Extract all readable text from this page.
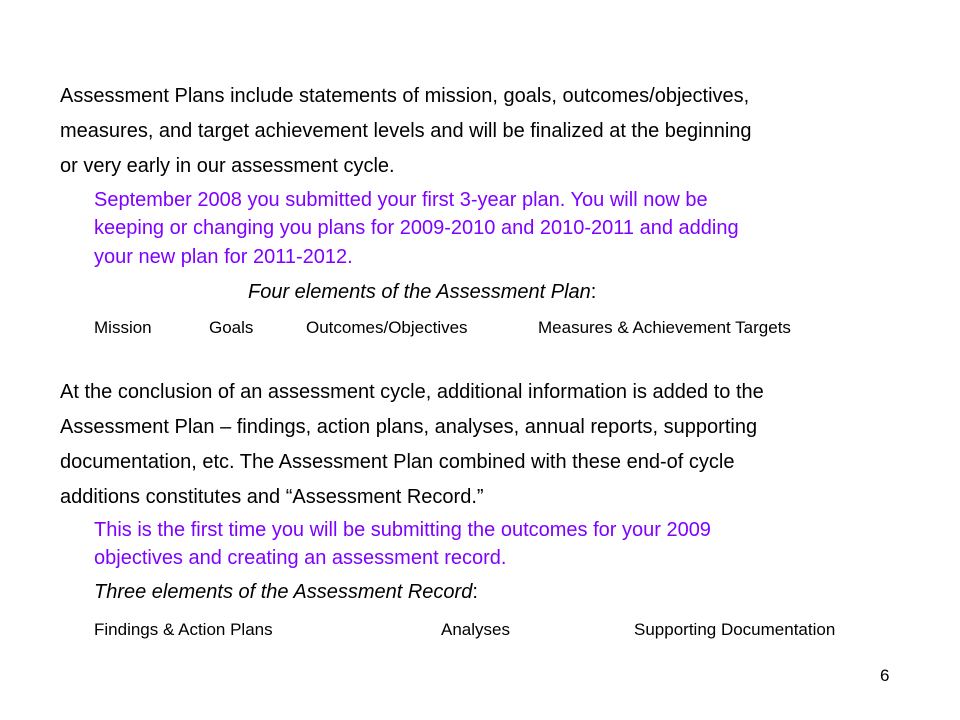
Assessment Plans include statements of mission, goals, outcomes/objectives,
measures, and target achievement levels and will be finalized at the beginning
or very early in our assessment cycle.
September 2008 you submitted your first 3-year plan. You will now be
keeping or changing you plans for 2009-2010 and 2010-2011 and adding
your new plan for 2011-2012.
Four elements of the Assessment Plan:
Mission	Goals	Outcomes/Objectives	Measures & Achievement Targets
At the conclusion of an assessment cycle, additional information is added to the
Assessment Plan – findings, action plans, analyses, annual reports, supporting
documentation, etc. The Assessment Plan combined with these end-of cycle
additions constitutes and “Assessment Record.”
This is the first time you will be submitting the outcomes for your 2009
objectives and creating an assessment record.
Three elements of the Assessment Record:
Findings & Action Plans	Analyses	Supporting Documentation
6
